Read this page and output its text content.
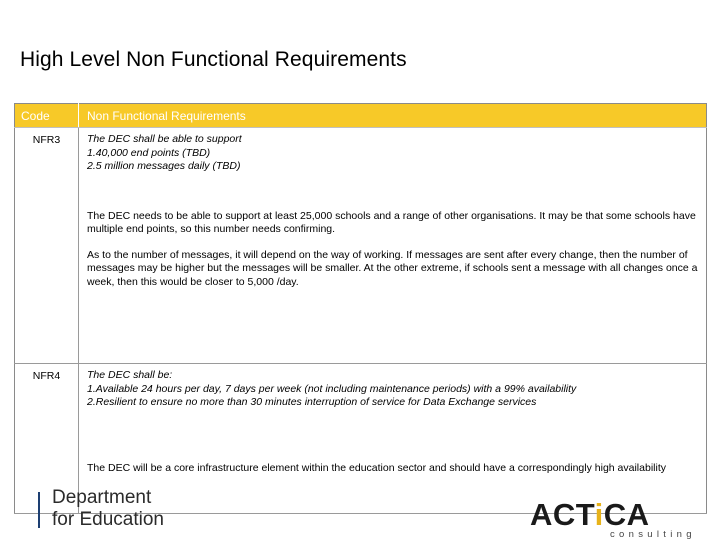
High Level Non Functional Requirements
Code	Non Functional Requirements
NFR3	The DEC shall be able to support
1.40,000 end points (TBD)
2.5 million messages daily (TBD)

The DEC needs to be able to support at least 25,000 schools and a range of other organisations. It may be that some schools have multiple end points, so this number needs confirming.

As to the number of messages, it will depend on the way of working. If messages are sent after every change, then the number of messages may be higher but the messages will be smaller. At the other extreme, if schools sent a message with all changes once a week, then this would be closer to 5,000 /day.

NFR4	The DEC shall be:
1.Available 24 hours per day, 7 days per week (not including maintenance periods) with a 99% availability
2.Resilient to ensure no more than 30 minutes interruption of service for Data Exchange services

The DEC will be a core infrastructure element within the education sector and should have a correspondingly high availability

Department
for Education	ACTiCA
consulting
